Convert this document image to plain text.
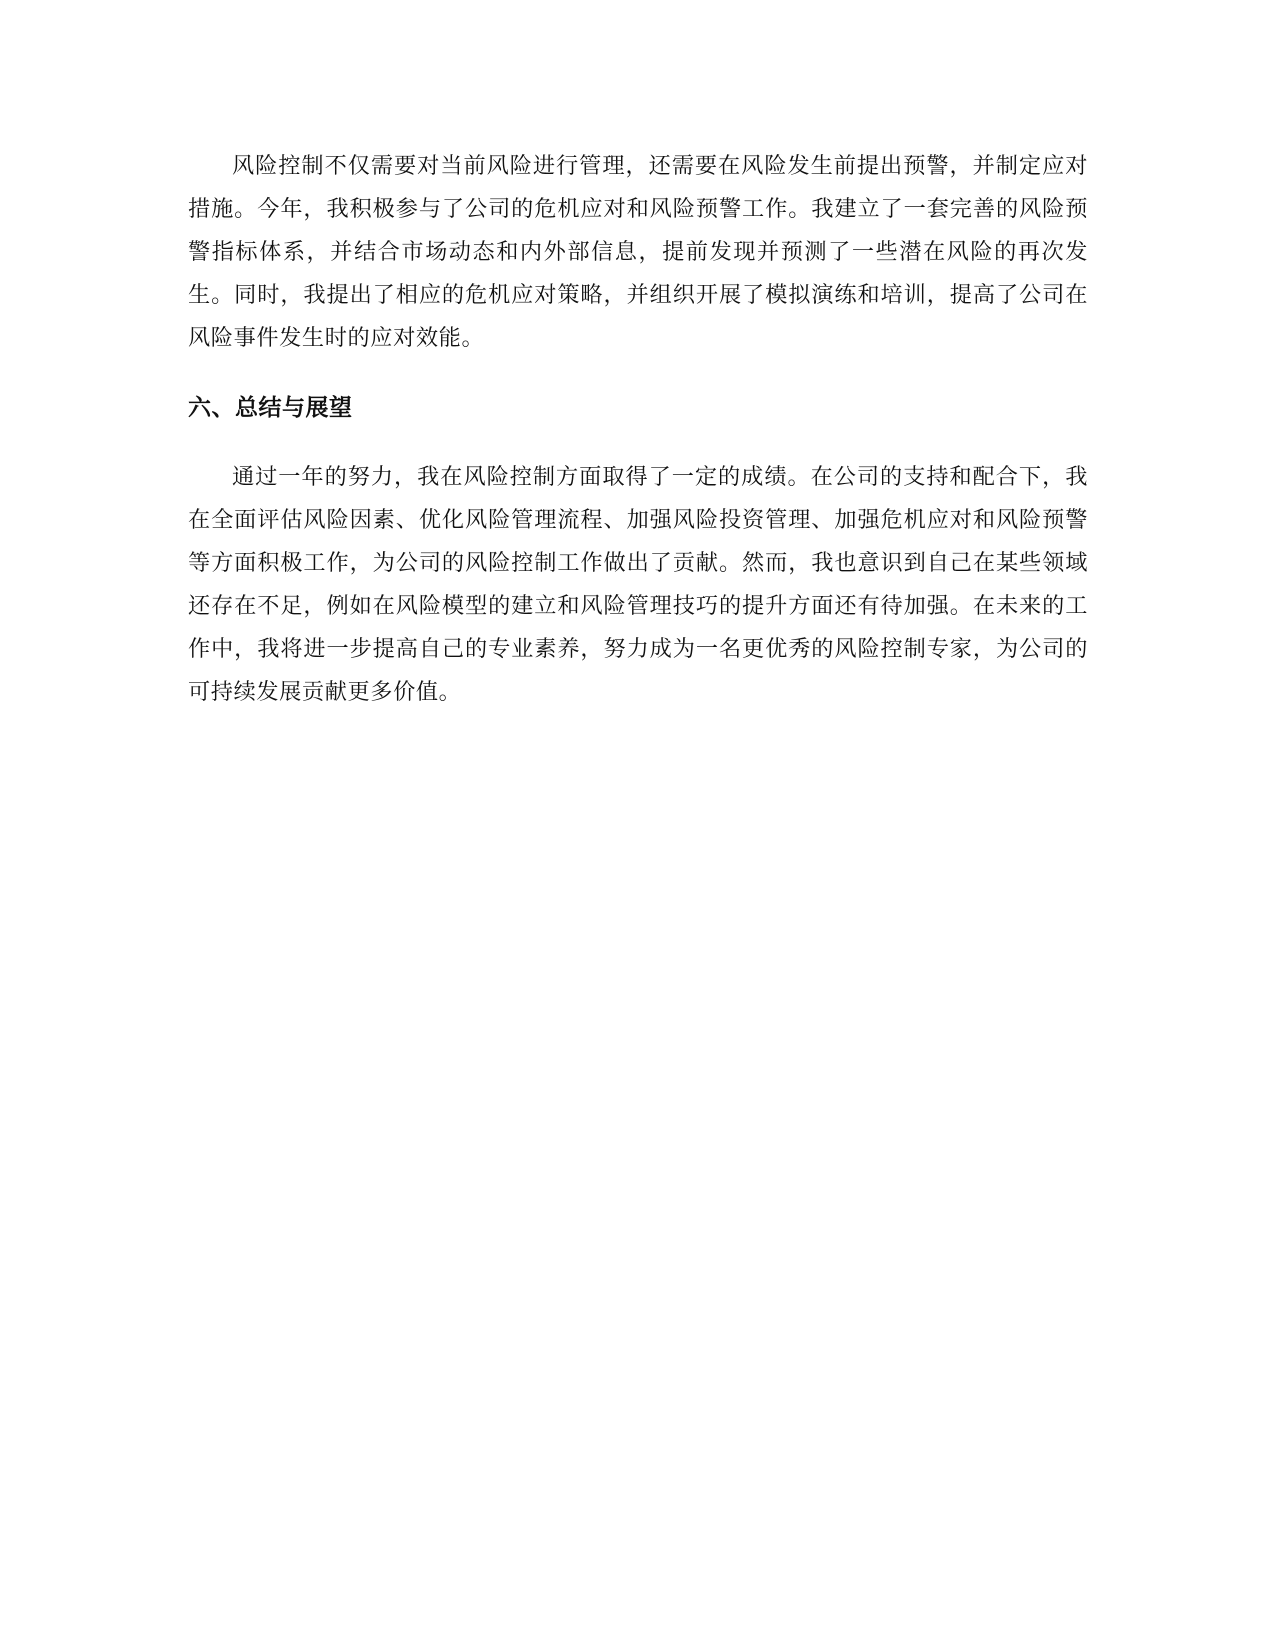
风险控制不仅需要对当前风险进行管理，还需要在风险发生前提出预警，并制定应对措施。今年，我积极参与了公司的危机应对和风险预警工作。我建立了一套完善的风险预警指标体系，并结合市场动态和内外部信息，提前发现并预测了一些潜在风险的再次发生。同时，我提出了相应的危机应对策略，并组织开展了模拟演练和培训，提高了公司在风险事件发生时的应对效能。

六、总结与展望

通过一年的努力，我在风险控制方面取得了一定的成绩。在公司的支持和配合下，我在全面评估风险因素、优化风险管理流程、加强风险投资管理、加强危机应对和风险预警等方面积极工作，为公司的风险控制工作做出了贡献。然而，我也意识到自己在某些领域还存在不足，例如在风险模型的建立和风险管理技巧的提升方面还有待加强。在未来的工作中，我将进一步提高自己的专业素养，努力成为一名更优秀的风险控制专家，为公司的可持续发展贡献更多价值。
